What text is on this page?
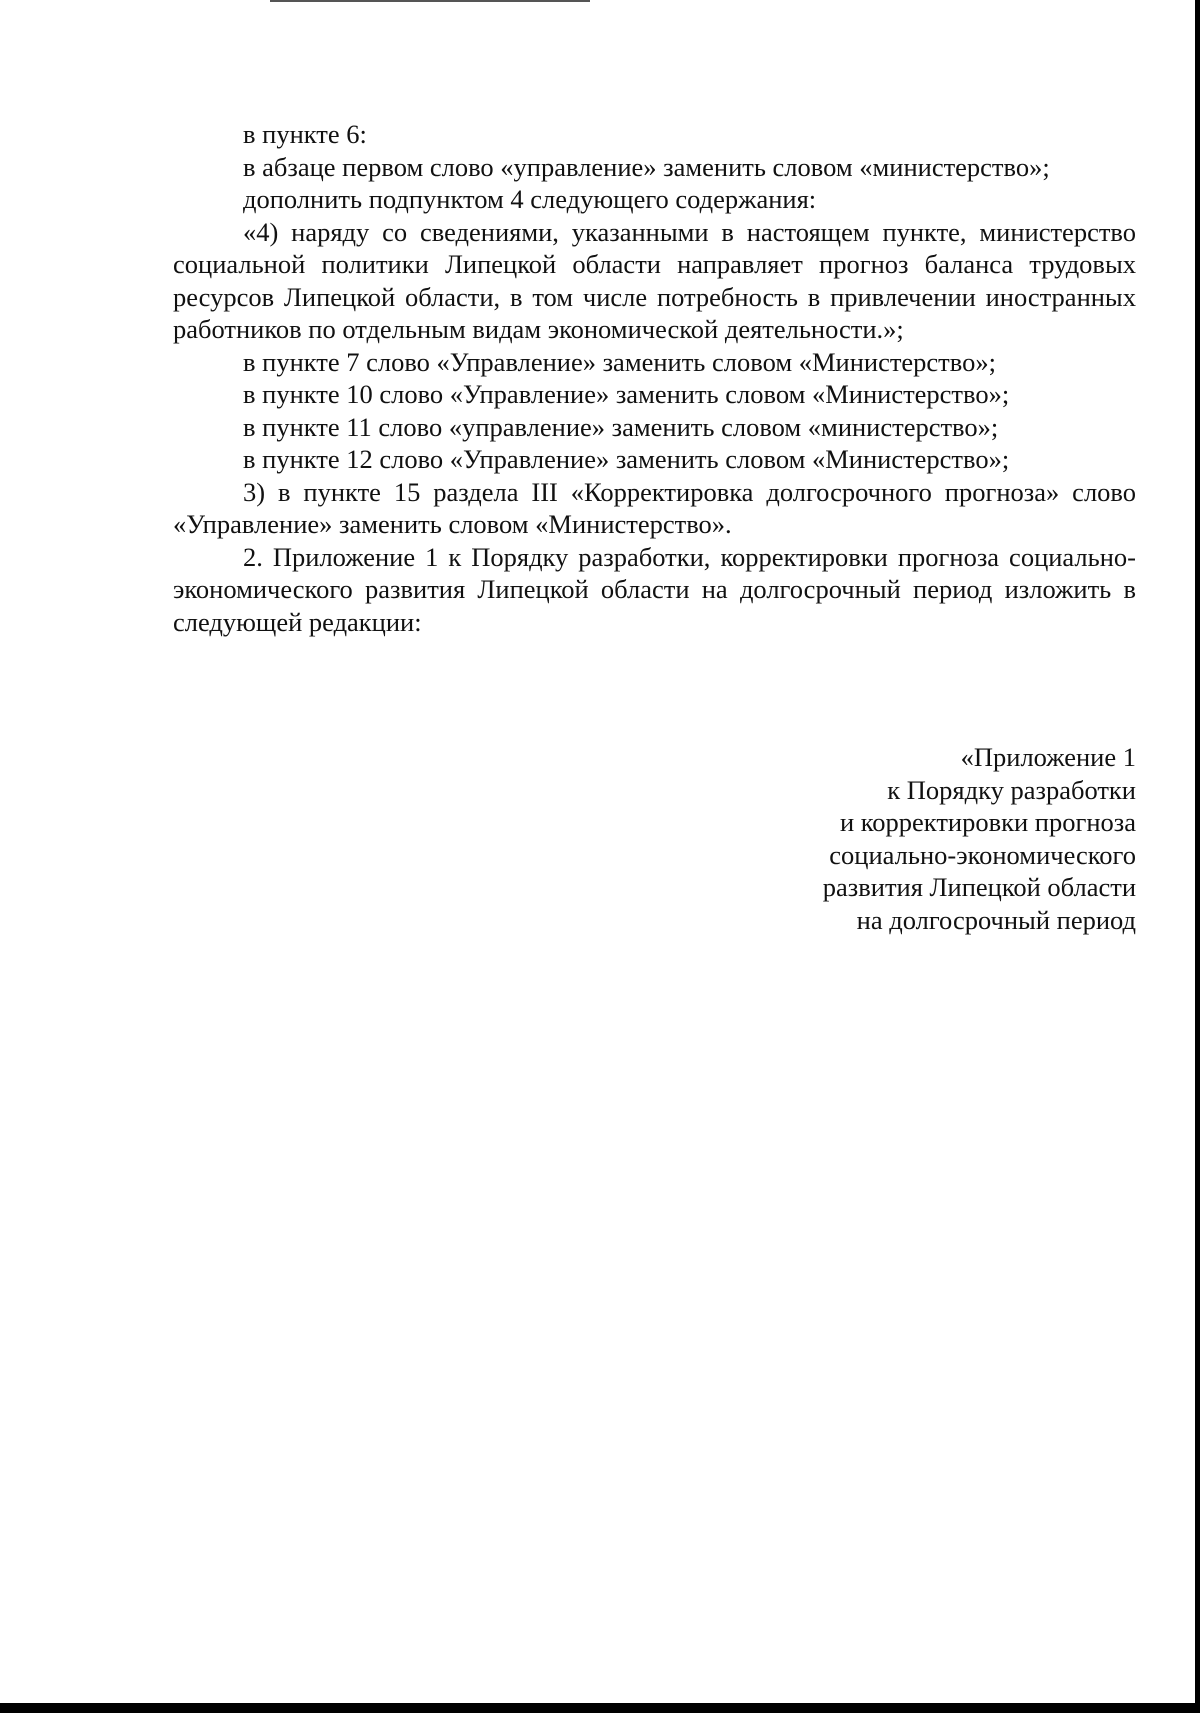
в пункте 6:

в абзаце первом слово «управление» заменить словом «министерство»;

дополнить подпунктом 4 следующего содержания:

«4) наряду со сведениями, указанными в настоящем пункте, министерство социальной политики Липецкой области направляет прогноз баланса трудовых ресурсов Липецкой области, в том числе потребность в привлечении иностранных работников по отдельным видам экономической деятельности.»;

в пункте 7 слово «Управление» заменить словом «Министерство»;

в пункте 10 слово «Управление» заменить словом «Министерство»;

в пункте 11 слово «управление» заменить словом «министерство»;

в пункте 12 слово «Управление» заменить словом «Министерство»;

3) в пункте 15 раздела III «Корректировка долгосрочного прогноза» слово «Управление» заменить словом «Министерство».

2. Приложение 1 к Порядку разработки, корректировки прогноза социально-экономического развития Липецкой области на долгосрочный период изложить в следующей редакции:

«Приложение 1
к Порядку разработки
и корректировки прогноза
социально-экономического
развития Липецкой области
на долгосрочный период
